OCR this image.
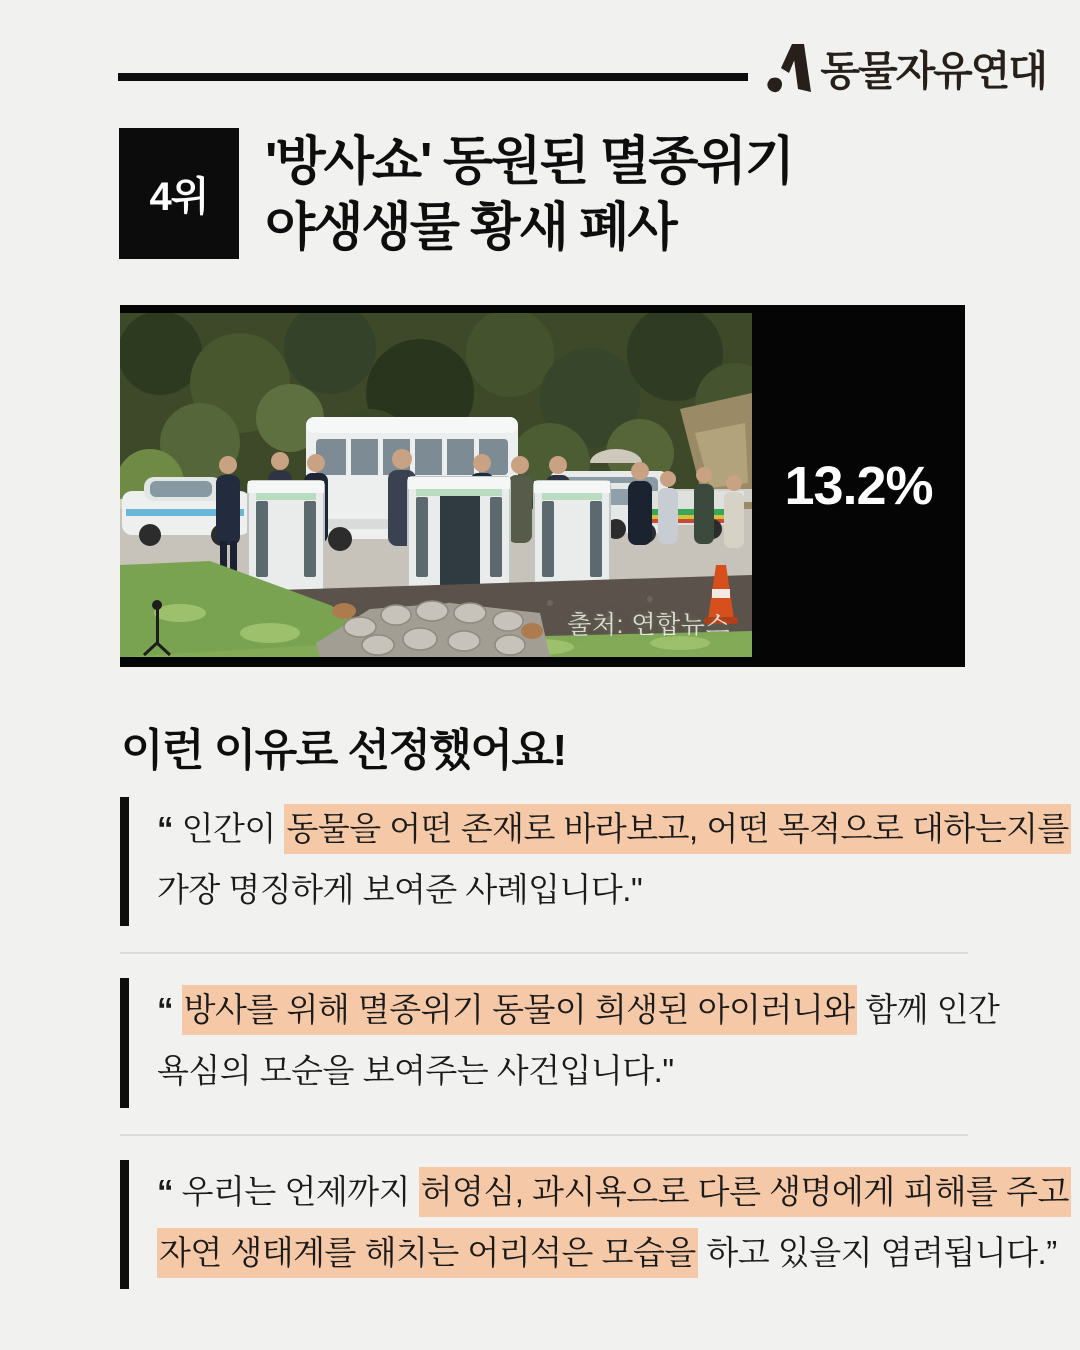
동물자유연대
4위
'방사쇼' 동원된 멸종위기
야생생물 황새 폐사
출처: 연합뉴스
13.2%
이런 이유로 선정했어요!
“ 인간이 동물을 어떤 존재로 바라보고, 어떤 목적으로 대하는지를
가장 명징하게 보여준 사례입니다."
“ 방사를 위해 멸종위기 동물이 희생된 아이러니와 함께 인간
욕심의 모순을 보여주는 사건입니다."
“ 우리는 언제까지 허영심, 과시욕으로 다른 생명에게 피해를 주고
자연 생태계를 해치는 어리석은 모습을 하고 있을지 염려됩니다.”
